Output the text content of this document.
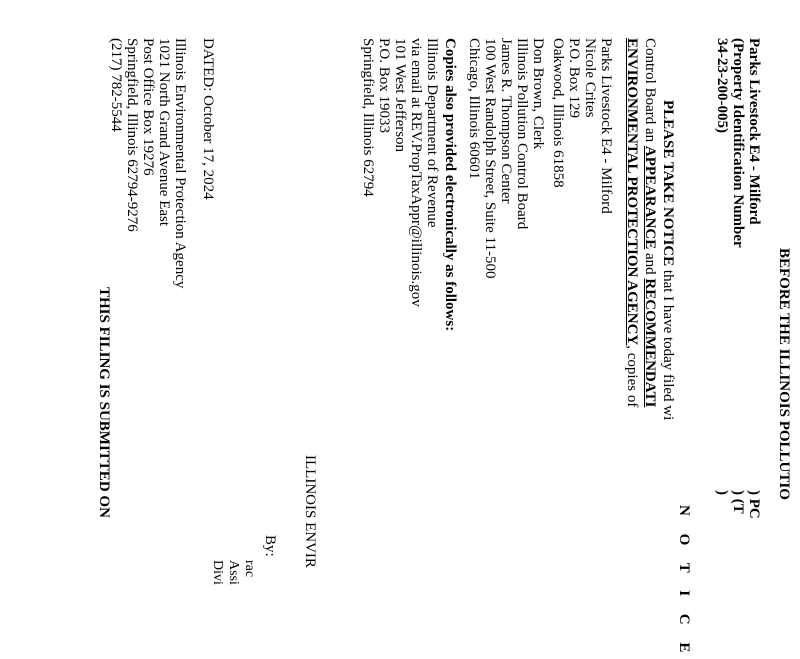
BEFORE THE ILLINOIS POLLUTIO
Parks Livestock E4 - Milford
(Property Identification Number
34-23-200-005)
) PC
) (T
)
N O T I C E
PLEASE TAKE NOTICE that I have today filed wi
Control Board an APPEARANCE and RECOMMENDATI
ENVIRONMENTAL PROTECTION AGENCY, copies of
Parks Livestock E4 - Milford
Nicole Crites
P.O. Box 129
Oakwood, Illinois 61858
Don Brown, Clerk
Illinois Pollution Control Board
James R. Thompson Center
100 West Randolph Street, Suite 11-500
Chicago, Illinois 60601
Copies also provided electronically as follows:
Illinois Department of Revenue
via email at REV.PropTaxAppr@illinois.gov
101 West Jefferson
P.O. Box 19033
Springfield, Illinois 62794
ILLINOIS ENVIR
By:
rac
Assi
Divi
DATED: October 17, 2024
Illinois Environmental Protection Agency
1021 North Grand Avenue East
Post Office Box 19276
Springfield, Illinois 62794-9276
(217) 782-5544
THIS FILING IS SUBMITTED ON
